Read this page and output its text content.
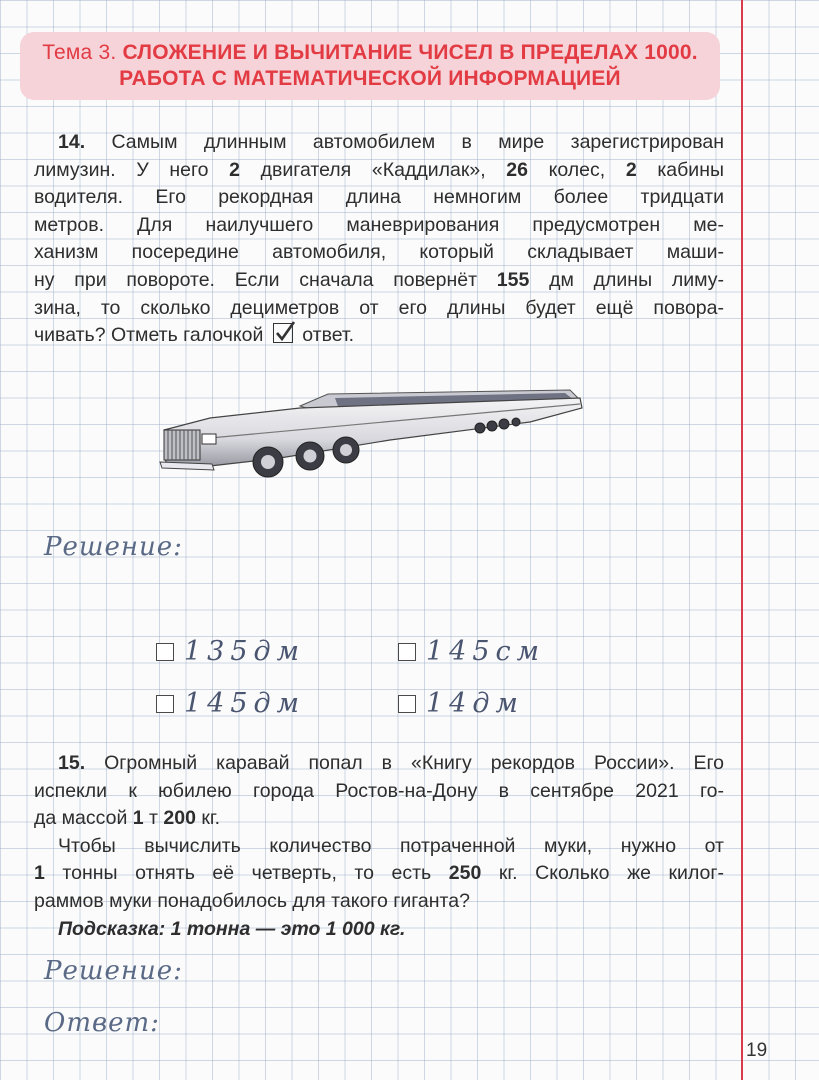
Тема 3. СЛОЖЕНИЕ И ВЫЧИТАНИЕ ЧИСЕЛ В ПРЕДЕЛАХ 1000.
РАБОТА С МАТЕМАТИЧЕСКОЙ ИНФОРМАЦИЕЙ
14. Самым длинным автомобилем в мире зарегистрирован
лимузин. У него 2 двигателя «Каддилак», 26 колес, 2 кабины
водителя. Его рекордная длина немногим более тридцати
метров. Для наилучшего маневрирования предусмотрен ме-
ханизм посередине автомобиля, который складывает маши-
ну при повороте. Если сначала повернёт 155 дм длины лиму-
зина, то сколько дециметров от его длины будет ещё повора-
чивать? Отметь галочкой ответ.
Решение:
135дм	145см
145дм	14дм
15. Огромный каравай попал в «Книгу рекордов России». Его
испекли к юбилею города Ростов-на-Дону в сентябре 2021 го-
да массой 1 т 200 кг.
Чтобы вычислить количество потраченной муки, нужно от
1 тонны отнять её четверть, то есть 250 кг. Сколько же килог-
раммов муки понадобилось для такого гиганта?
Подсказка: 1 тонна — это 1 000 кг.
Решение:
Ответ:
19
